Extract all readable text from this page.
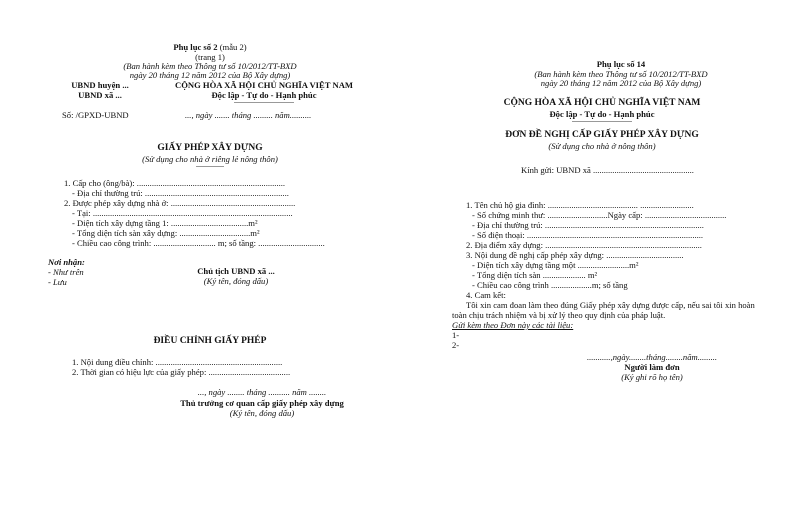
Phụ lục số 2 (mẫu 2)
(trang 1)
(Ban hành kèm theo Thông tư số 10/2012/TT-BXD
ngày 20 tháng 12 năm 2012 của Bộ Xây dựng)
UBND huyện ...
UBND xã ...
CỘNG HÒA XÃ HỘI CHỦ NGHĨA VIỆT NAM
Độc lập - Tự do - Hạnh phúc
Số: /GPXD-UBND	..., ngày ....... tháng ......... năm..........
GIẤY PHÉP XÂY DỰNG
(Sử dụng cho nhà ở riêng lẻ nông thôn)
1. Cấp cho (ông/bà): .....................................................................
- Địa chỉ thường trú: ...................................................................
2. Được phép xây dựng nhà ở: ..........................................................
- Tại: .............................................................................................
- Diện tích xây dựng tầng 1: ....................................m²
- Tổng diện tích sàn xây dựng: .................................m²
- Chiều cao công trình: ............................. m; số tầng: ...............................
Nơi nhận:
- Như trên
- Lưu
Chủ tịch UBND xã ...
(Ký tên, đóng dấu)
ĐIỀU CHỈNH GIẤY PHÉP
1. Nội dung điều chỉnh: ...........................................................
2. Thời gian có hiệu lực của giấy phép: ......................................
..., ngày ........ tháng .......... năm ........
Thủ trưởng cơ quan cấp giấy phép xây dựng
(Ký tên, đóng dấu)
Phụ lục số 14
(Ban hành kèm theo Thông tư số 10/2012/TT-BXD
ngày 20 tháng 12 năm 2012 của Bộ Xây dựng)
CỘNG HÒA XÃ HỘI CHỦ NGHĨA VIỆT NAM
Độc lập - Tự do - Hạnh phúc
ĐƠN ĐỀ NGHỊ CẤP GIẤY PHÉP XÂY DỰNG
(Sử dụng cho nhà ở nông thôn)
Kính gửi: UBND xã ...............................................
1. Tên chủ hộ gia đình: .......................................... .........................
- Số chứng minh thư: ............................Ngày cấp: ......................................
- Địa chỉ thường trú: ..........................................................................
- Số điện thoại: ..................................................................................
2. Địa điểm xây dựng: .........................................................................
3. Nội dung đề nghị cấp phép xây dựng: ....................................
- Diện tích xây dựng tầng một ........................m²
- Tổng diện tích sàn .................... m²
- Chiều cao công trình ...................m; số tầng
4. Cam kết:
Tôi xin cam đoan làm theo đúng Giấy phép xây dựng được cấp, nếu sai tôi xin hoàn
toàn chịu trách nhiệm và bị xử lý theo quy định của pháp luật.
Gửi kèm theo Đơn này các tài liệu:
1-
2-
...........,ngày........tháng........năm.........
Người làm đơn
(Ký ghi rõ họ tên)
